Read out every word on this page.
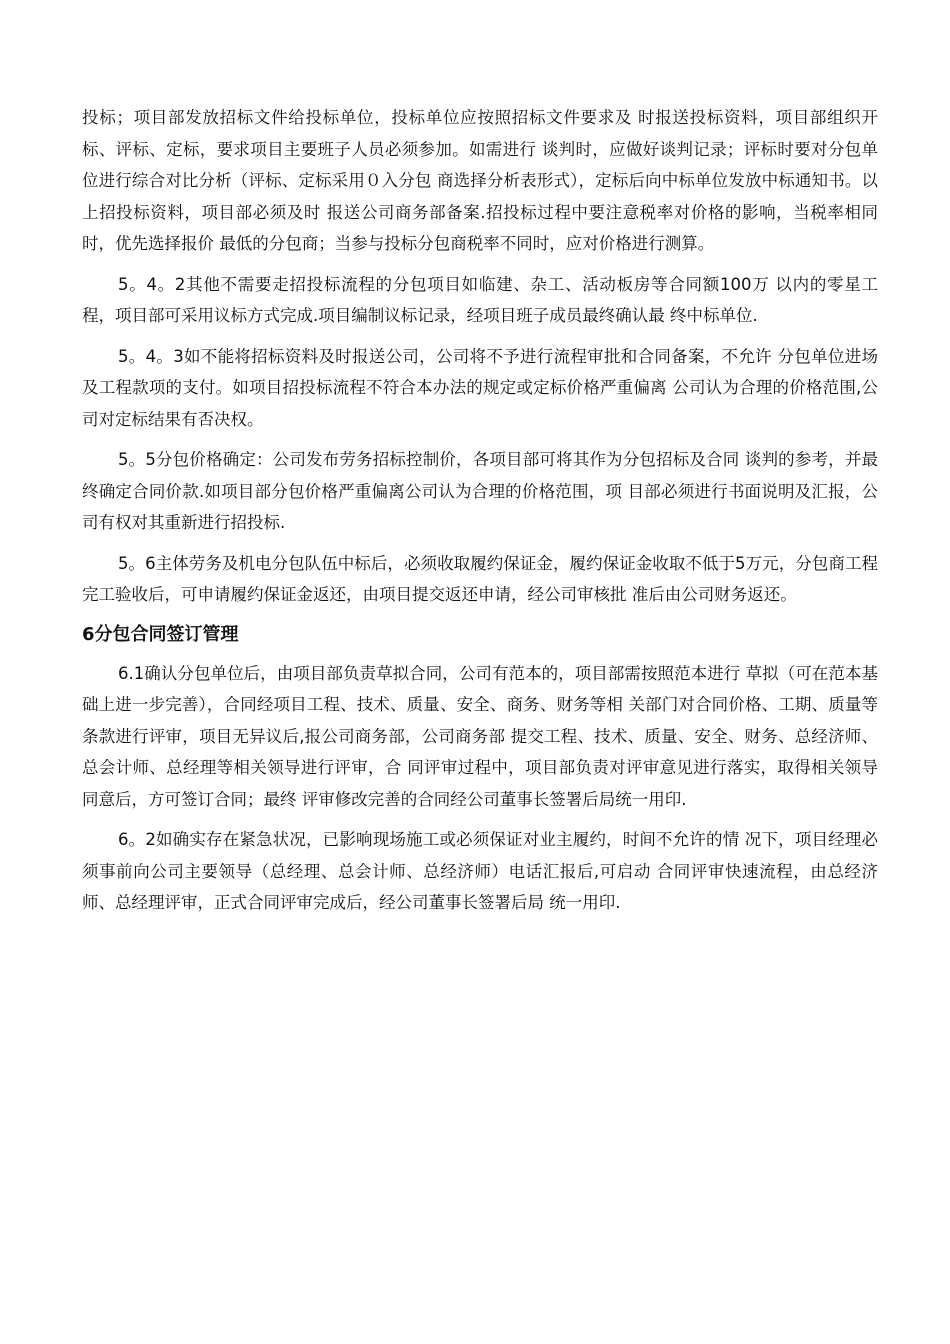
投标；项目部发放招标文件给投标单位，投标单位应按照招标文件要求及 时报送投标资料，项目部组织开标、评标、定标，要求项目主要班子人员必须参加。如需进行 谈判时，应做好谈判记录；评标时要对分包单位进行综合对比分析（评标、定标采用０入分包 商选择分析表形式），定标后向中标单位发放中标通知书。以上招投标资料，项目部必须及时 报送公司商务部备案.招投标过程中要注意税率对价格的影响，当税率相同时，优先选择报价 最低的分包商；当参与投标分包商税率不同时，应对价格进行测算。

5。4。2其他不需要走招投标流程的分包项目如临建、杂工、活动板房等合同额100万 以内的零星工程，项目部可采用议标方式完成.项目编制议标记录，经项目班子成员最终确认最 终中标单位.

5。4。3如不能将招标资料及时报送公司，公司将不予进行流程审批和合同备案，不允许 分包单位进场及工程款项的支付。如项目招投标流程不符合本办法的规定或定标价格严重偏离 公司认为合理的价格范围,公司对定标结果有否决权。

5。5分包价格确定：公司发布劳务招标控制价，各项目部可将其作为分包招标及合同 谈判的参考，并最终确定合同价款.如项目部分包价格严重偏离公司认为合理的价格范围，项 目部必须进行书面说明及汇报，公司有权对其重新进行招投标.

5。6主体劳务及机电分包队伍中标后，必须收取履约保证金，履约保证金收取不低于5万元，分包商工程完工验收后，可申请履约保证金返还，由项目提交返还申请，经公司审核批 准后由公司财务返还。

6分包合同签订管理

6.1确认分包单位后，由项目部负责草拟合同，公司有范本的，项目部需按照范本进行 草拟（可在范本基础上进一步完善），合同经项目工程、技术、质量、安全、商务、财务等相 关部门对合同价格、工期、质量等条款进行评审，项目无异议后,报公司商务部，公司商务部 提交工程、技术、质量、安全、财务、总经济师、总会计师、总经理等相关领导进行评审，合 同评审过程中，项目部负责对评审意见进行落实，取得相关领导同意后，方可签订合同；最终 评审修改完善的合同经公司董事长签署后局统一用印.

6。2如确实存在紧急状况，已影响现场施工或必须保证对业主履约，时间不允许的情 况下，项目经理必须事前向公司主要领导（总经理、总会计师、总经济师）电话汇报后,可启动 合同评审快速流程，由总经济师、总经理评审，正式合同评审完成后，经公司董事长签署后局 统一用印.
